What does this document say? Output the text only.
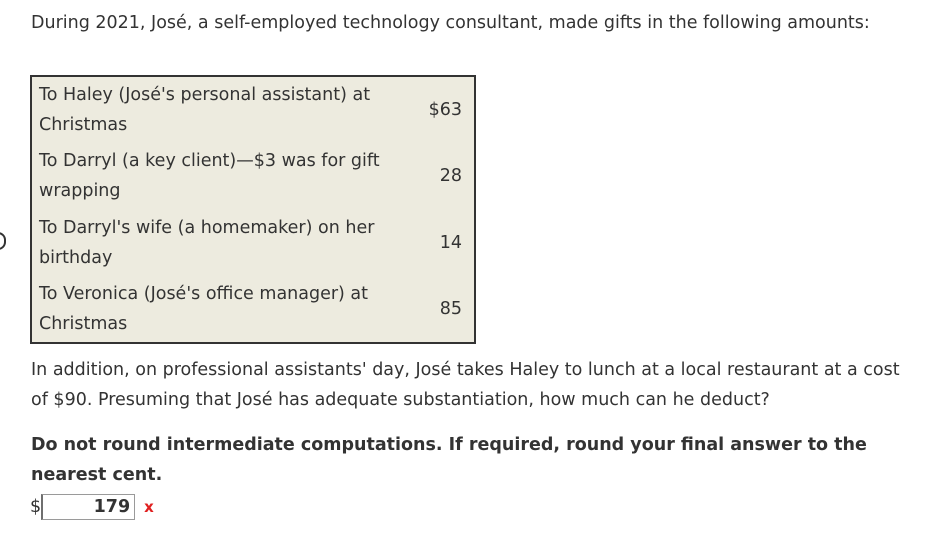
During 2021, José, a self-employed technology consultant, made gifts in the following amounts:
To Haley (José's personal assistant) at Christmas	$63
To Darryl (a key client)—$3 was for gift wrapping	28
To Darryl's wife (a homemaker) on her birthday	14
To Veronica (José's office manager) at Christmas	85
In addition, on professional assistants' day, José takes Haley to lunch at a local restaurant at a cost of $90. Presuming that José has adequate substantiation, how much can he deduct?
Do not round intermediate computations. If required, round your final answer to the nearest cent.
$	179 x
